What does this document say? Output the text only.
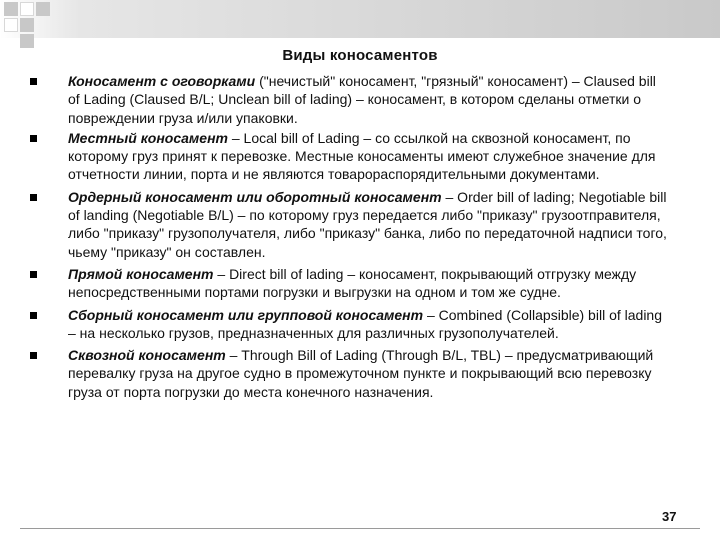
Виды коносаментов
Коносамент с оговорками ("нечистый" коносамент, "грязный" коносамент) – Claused bill of Lading (Claused B/L; Unclean bill of lading) – коносамент, в котором сделаны отметки о повреждении груза и/или упаковки.
Местный коносамент – Local bill of Lading – со ссылкой на сквозной коносамент, по которому груз принят к перевозке. Местные коносаменты имеют служебное значение для отчетности линии, порта и не являются товарораспорядительными документами.
Ордерный коносамент или оборотный коносамент – Order bill of lading; Negotiable bill of landing (Negotiable B/L) – по которому груз передается либо "приказу" грузоотправителя, либо "приказу" грузополучателя, либо "приказу" банка, либо по передаточной надписи того, чьему "приказу" он составлен.
Прямой коносамент – Direct bill of lading – коносамент, покрывающий отгрузку между непосредственными портами погрузки и выгрузки на одном и том же судне.
Сборный коносамент или групповой коносамент – Combined (Collapsible) bill of lading – на несколько грузов, предназначенных для различных грузополучателей.
Сквозной коносамент – Through Bill of Lading (Through B/L, TBL) – предусматривающий перевалку груза на другое судно в промежуточном пункте и покрывающий всю перевозку груза от порта погрузки до места конечного назначения.
37
